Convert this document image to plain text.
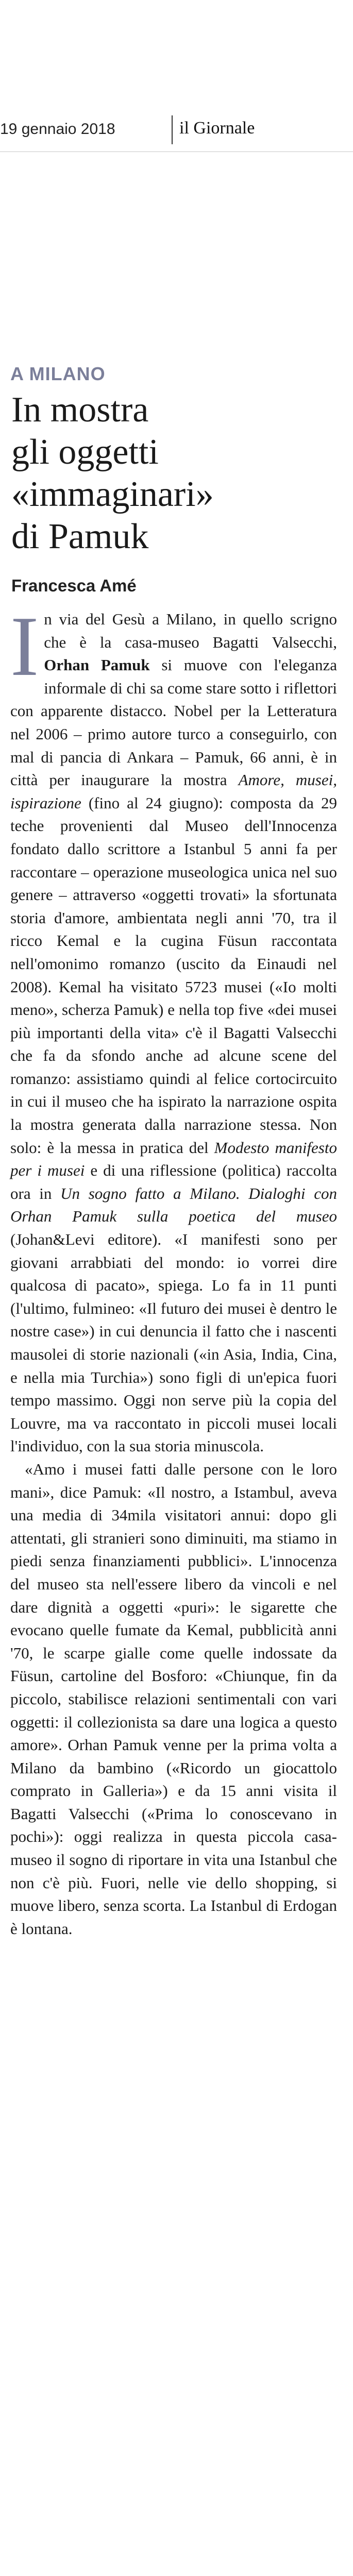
19 gennaio 2018	il Giornale
A MILANO
In mostra
gli oggetti
«immaginari»
di Pamuk
Francesca Amé

In via del Gesù a Milano, in quello scrigno che è la casa-museo Bagatti Valsecchi, Orhan Pamuk si muove con l'eleganza informale di chi sa come stare sotto i riflettori con apparente distacco. Nobel per la Letteratura nel 2006 – primo autore turco a conseguirlo, con mal di pancia di Ankara – Pamuk, 66 anni, è in città per inaugurare la mostra Amore, musei, ispirazione (fino al 24 giugno): composta da 29 teche provenienti dal Museo dell'Innocenza fondato dallo scrittore a Istanbul 5 anni fa per raccontare – operazione museologica unica nel suo genere – attraverso «oggetti trovati» la sfortunata storia d'amore, ambientata negli anni '70, tra il ricco Kemal e la cugina Füsun raccontata nell'omonimo romanzo (uscito da Einaudi nel 2008). Kemal ha visitato 5723 musei («Io molti meno», scherza Pamuk) e nella top five «dei musei più importanti della vita» c'è il Bagatti Valsecchi che fa da sfondo anche ad alcune scene del romanzo: assistiamo quindi al felice cortocircuito in cui il museo che ha ispirato la narrazione ospita la mostra generata dalla narrazione stessa. Non solo: è la messa in pratica del Modesto manifesto per i musei e di una riflessione (politica) raccolta ora in Un sogno fatto a Milano. Dialoghi con Orhan Pamuk sulla poetica del museo (Johan&Levi editore). «I manifesti sono per giovani arrabbiati del mondo: io vorrei dire qualcosa di pacato», spiega. Lo fa in 11 punti (l'ultimo, fulmineo: «Il futuro dei musei è dentro le nostre case») in cui denuncia il fatto che i nascenti mausolei di storie nazionali («in Asia, India, Cina, e nella mia Turchia») sono figli di un'epica fuori tempo massimo. Oggi non serve più la copia del Louvre, ma va raccontato in piccoli musei locali l'individuo, con la sua storia minuscola.

«Amo i musei fatti dalle persone con le loro mani», dice Pamuk: «Il nostro, a Istambul, aveva una media di 34mila visitatori annui: dopo gli attentati, gli stranieri sono diminuiti, ma stiamo in piedi senza finanziamenti pubblici». L'innocenza del museo sta nell'essere libero da vincoli e nel dare dignità a oggetti «puri»: le sigarette che evocano quelle fumate da Kemal, pubblicità anni '70, le scarpe gialle come quelle indossate da Füsun, cartoline del Bosforo: «Chiunque, fin da piccolo, stabilisce relazioni sentimentali con vari oggetti: il collezionista sa dare una logica a questo amore». Orhan Pamuk venne per la prima volta a Milano da bambino («Ricordo un giocattolo comprato in Galleria») e da 15 anni visita il Bagatti Valsecchi («Prima lo conoscevano in pochi»): oggi realizza in questa piccola casa-museo il sogno di riportare in vita una Istanbul che non c'è più. Fuori, nelle vie dello shopping, si muove libero, senza scorta. La Istanbul di Erdogan è lontana.
